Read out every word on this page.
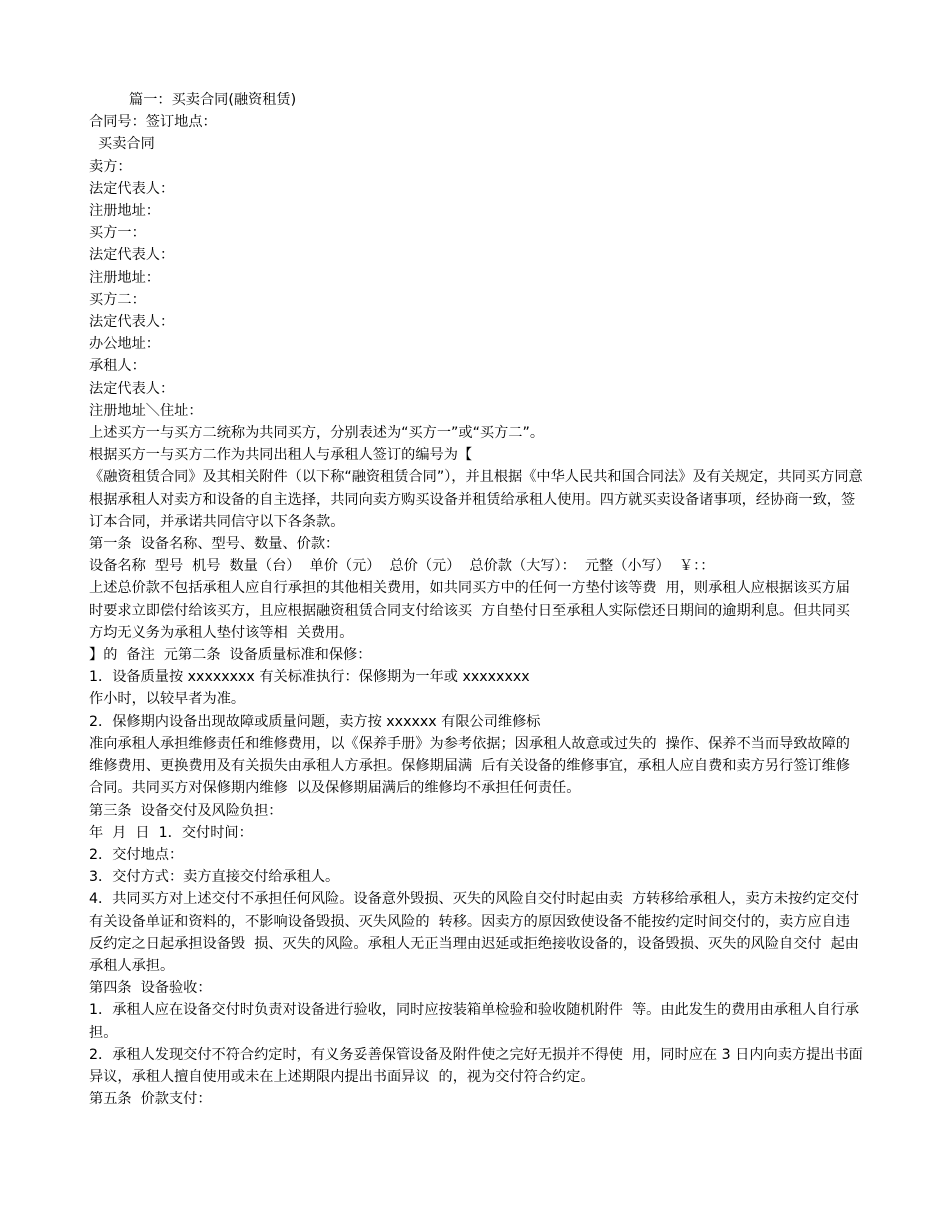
篇一：买卖合同(融资租赁)

合同号：签订地点：

买卖合同

卖方：

法定代表人：

注册地址：

买方一：

法定代表人：

注册地址：

买方二：

法定代表人：

办公地址：

承租人：

法定代表人：

注册地址＼住址：

上述买方一与买方二统称为共同买方，分别表述为“买方一”或“买方二”。

根据买方一与买方二作为共同出租人与承租人签订的编号为【

《融资租赁合同》及其相关附件（以下称“融资租赁合同”），并且根据《中华人民共和国合同法》及有关规定，共同买方同意根据承租人对卖方和设备的自主选择，共同向卖方购买设备并租赁给承租人使用。四方就买卖设备诸事项，经协商一致，签订本合同，并承诺共同信守以下各条款。

第一条  设备名称、型号、数量、价款：

设备名称  型号  机号  数量（台）  单价（元）  总价（元）  总价款（大写）：  元整（小写）  ￥：：

上述总价款不包括承租人应自行承担的其他相关费用，如共同买方中的任何一方垫付该等费  用，则承租人应根据该买方届时要求立即偿付给该买方，且应根据融资租赁合同支付给该买  方自垫付日至承租人实际偿还日期间的逾期利息。但共同买方均无义务为承租人垫付该等相  关费用。

】的  备注  元第二条  设备质量标准和保修：

1．设备质量按 xxxxxxxx 有关标准执行：保修期为一年或 xxxxxxxx

作小时，以较早者为准。

2．保修期内设备出现故障或质量问题，卖方按 xxxxxx 有限公司维修标

准向承租人承担维修责任和维修费用，以《保养手册》为参考依据；因承租人故意或过失的  操作、保养不当而导致故障的维修费用、更换费用及有关损失由承租人方承担。保修期届满  后有关设备的维修事宜，承租人应自费和卖方另行签订维修合同。共同买方对保修期内维修  以及保修期届满后的维修均不承担任何责任。

第三条  设备交付及风险负担：

年  月  日  1．交付时间：

2．交付地点：

3．交付方式：卖方直接交付给承租人。

4．共同买方对上述交付不承担任何风险。设备意外毁损、灭失的风险自交付时起由卖  方转移给承租人，卖方未按约定交付有关设备单证和资料的，不影响设备毁损、灭失风险的  转移。因卖方的原因致使设备不能按约定时间交付的，卖方应自违反约定之日起承担设备毁  损、灭失的风险。承租人无正当理由迟延或拒绝接收设备的，设备毁损、灭失的风险自交付  起由承租人承担。

第四条  设备验收：

1．承租人应在设备交付时负责对设备进行验收，同时应按装箱单检验和验收随机附件  等。由此发生的费用由承租人自行承担。

2．承租人发现交付不符合约定时，有义务妥善保管设备及附件使之完好无损并不得使  用，同时应在 3 日内向卖方提出书面异议，承租人擅自使用或未在上述期限内提出书面异议  的，视为交付符合约定。

第五条  价款支付：
